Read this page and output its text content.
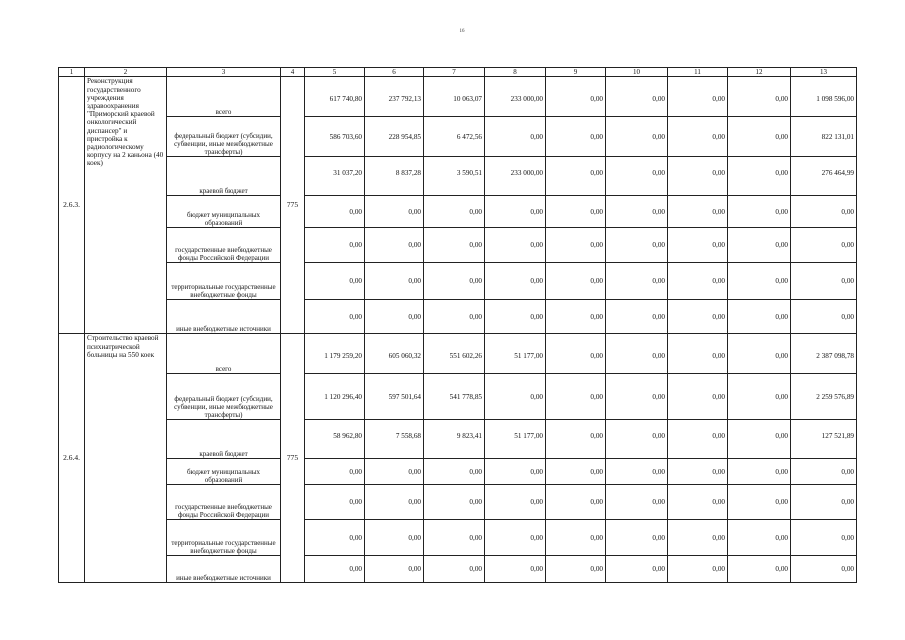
16
1	2	3	4	5	6	7	8	9	10	11	12	13
2.6.3.	Реконструкция государственного учреждения здравоохранения "Приморский краевой онкологический диспансер" и пристройка к радиологическому корпусу на 2 каньона (40 коек)	всего	775	617 740,80	237 792,13	10 063,07	233 000,00	0,00	0,00	0,00	0,00	1 098 596,00
		федеральный бюджет (субсидии, субвенции, иные межбюджетные трансферты)		586 703,60	228 954,85	6 472,56	0,00	0,00	0,00	0,00	0,00	822 131,01
		краевой бюджет		31 037,20	8 837,28	3 590,51	233 000,00	0,00	0,00	0,00	0,00	276 464,99
		бюджет муниципальных образований		0,00	0,00	0,00	0,00	0,00	0,00	0,00	0,00	0,00
		государственные внебюджетные фонды Российской Федерации		0,00	0,00	0,00	0,00	0,00	0,00	0,00	0,00	0,00
		территориальные государственные внебюджетные фонды		0,00	0,00	0,00	0,00	0,00	0,00	0,00	0,00	0,00
		иные внебюджетные источники		0,00	0,00	0,00	0,00	0,00	0,00	0,00	0,00	0,00
2.6.4.	Строительство краевой психиатрической больницы на 550 коек	всего	775	1 179 259,20	605 060,32	551 602,26	51 177,00	0,00	0,00	0,00	0,00	2 387 098,78
		федеральный бюджет (субсидии, субвенции, иные межбюджетные трансферты)		1 120 296,40	597 501,64	541 778,85	0,00	0,00	0,00	0,00	0,00	2 259 576,89
		краевой бюджет		58 962,80	7 558,68	9 823,41	51 177,00	0,00	0,00	0,00	0,00	127 521,89
		бюджет муниципальных образований		0,00	0,00	0,00	0,00	0,00	0,00	0,00	0,00	0,00
		государственные внебюджетные фонды Российской Федерации		0,00	0,00	0,00	0,00	0,00	0,00	0,00	0,00	0,00
		территориальные государственные внебюджетные фонды		0,00	0,00	0,00	0,00	0,00	0,00	0,00	0,00	0,00
		иные внебюджетные источники		0,00	0,00	0,00	0,00	0,00	0,00	0,00	0,00	0,00
